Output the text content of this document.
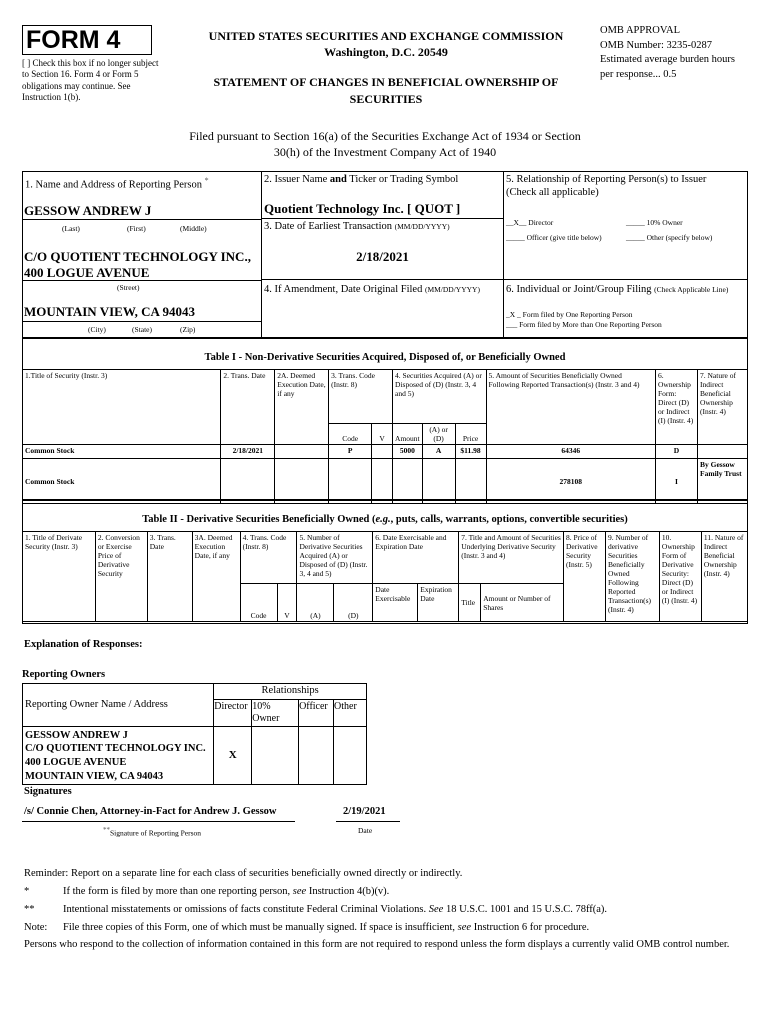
FORM 4
[ ] Check this box if no longer subject to Section 16. Form 4 or Form 5 obligations may continue. See Instruction 1(b).
UNITED STATES SECURITIES AND EXCHANGE COMMISSION
Washington, D.C. 20549
STATEMENT OF CHANGES IN BENEFICIAL OWNERSHIP OF SECURITIES
OMB APPROVAL
OMB Number: 3235-0287
Estimated average burden hours per response... 0.5
Filed pursuant to Section 16(a) of the Securities Exchange Act of 1934 or Section 30(h) of the Investment Company Act of 1940
1. Name and Address of Reporting Person *
GESSOW ANDREW J
(Last)	(First)	(Middle)
C/O QUOTIENT TECHNOLOGY INC., 400 LOGUE AVENUE
(Street)
MOUNTAIN VIEW, CA 94043
(City)	(State)	(Zip)
2. Issuer Name and Ticker or Trading Symbol
Quotient Technology Inc. [ QUOT ]
3. Date of Earliest Transaction (MM/DD/YYYY)
2/18/2021
4. If Amendment, Date Original Filed (MM/DD/YYYY)
5. Relationship of Reporting Person(s) to Issuer
(Check all applicable)
__X__ Director	_____ 10% Owner
_____ Officer (give title below)	_____ Other (specify below)
6. Individual or Joint/Group Filing (Check Applicable Line)
_X _ Form filed by One Reporting Person
___ Form filed by More than One Reporting Person
Table I - Non-Derivative Securities Acquired, Disposed of, or Beneficially Owned
1.Title of Security (Instr. 3)	2. Trans. Date	2A. Deemed Execution Date, if any	3. Trans. Code (Instr. 8)		4. Securities Acquired (A) or Disposed of (D) (Instr. 3, 4 and 5)			5. Amount of Securities Beneficially Owned Following Reported Transaction(s) (Instr. 3 and 4)	6. Ownership Form: Direct (D) or Indirect (I) (Instr. 4)	7. Nature of Indirect Beneficial Ownership (Instr. 4)
			Code	V	Amount	(A) or (D)	Price			
Common Stock	2/18/2021		P		5000	A	$11.98	64346	D	
Common Stock								278108	I	By Gessow Family Trust
Table II - Derivative Securities Beneficially Owned (e.g., puts, calls, warrants, options, convertible securities)
1. Title of Derivate Security (Instr. 3)	2. Conversion or Exercise Price of Derivative Security	3. Trans. Date	3A. Deemed Execution Date, if any	4. Trans. Code (Instr. 8)		5. Number of Derivative Securities Acquired (A) or Disposed of (D) (Instr. 3, 4 and 5)		6. Date Exercisable and Expiration Date		7. Title and Amount of Securities Underlying Derivative Security (Instr. 3 and 4)		8. Price of Derivative Security (Instr. 5)	9. Number of derivative Securities Beneficially Owned Following Reported Transaction(s) (Instr. 4)	10. Ownership Form of Derivative Security: Direct (D) or Indirect (I) (Instr. 4)	11. Nature of Indirect Beneficial Ownership (Instr. 4)
				Code	V	(A)	(D)	Date Exercisable	Expiration Date	Title	Amount or Number of Shares				
Explanation of Responses:
Reporting Owners
Reporting Owner Name / Address	Relationships			
	Director	10% Owner	Officer	Other

GESSOW ANDREW J
C/O QUOTIENT TECHNOLOGY INC.
400 LOGUE AVENUE
MOUNTAIN VIEW, CA 94043	X			
Signatures
/s/ Connie Chen, Attorney-in-Fact for Andrew J. Gessow	2/19/2021
**Signature of Reporting Person	Date
Reminder: Report on a separate line for each class of securities beneficially owned directly or indirectly.
*	If the form is filed by more than one reporting person, see Instruction 4(b)(v).
**	Intentional misstatements or omissions of facts constitute Federal Criminal Violations. See 18 U.S.C. 1001 and 15 U.S.C. 78ff(a).
Note: File three copies of this Form, one of which must be manually signed. If space is insufficient, see Instruction 6 for procedure.
Persons who respond to the collection of information contained in this form are not required to respond unless the form displays a currently valid OMB control number.
